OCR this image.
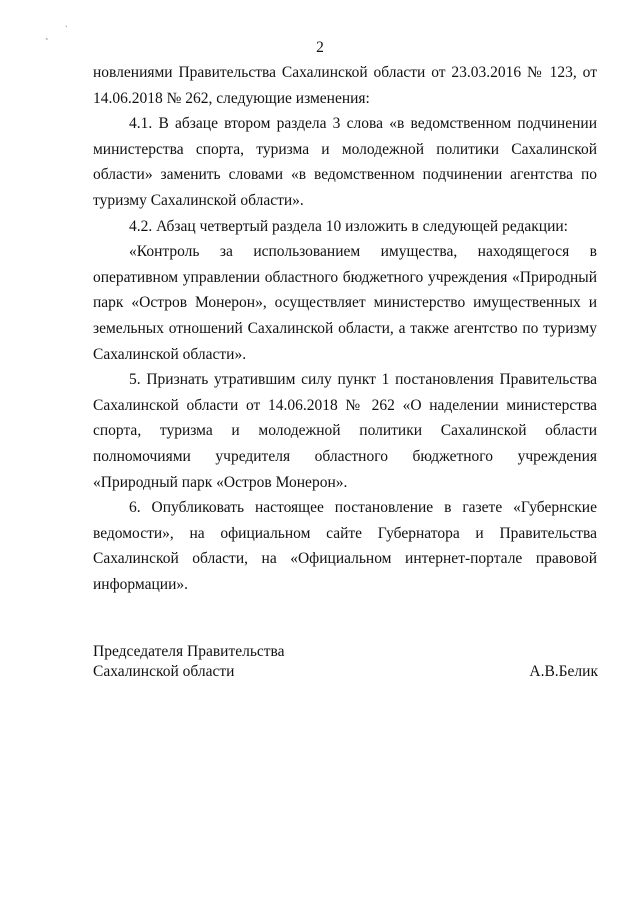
ˎ
ˎ
2

новлениями Правительства Сахалинской области от 23.03.2016 № 123, от 14.06.2018 № 262, следующие изменения:

4.1. В абзаце втором раздела 3 слова «в ведомственном подчинении министерства спорта, туризма и молодежной политики Сахалинской области» заменить словами «в ведомственном подчинении агентства по туризму Сахалинской области».

4.2. Абзац четвертый раздела 10 изложить в следующей редакции:

«Контроль за использованием имущества, находящегося в оперативном управлении областного бюджетного учреждения «Природный парк «Остров Монерон», осуществляет министерство имущественных и земельных отношений Сахалинской области, а также агентство по туризму Сахалинской области».

5. Признать утратившим силу пункт 1 постановления Правительства Сахалинской области от 14.06.2018 № 262 «О наделении министерства спорта, туризма и молодежной политики Сахалинской области полномочиями учредителя областного бюджетного учреждения «Природный парк «Остров Монерон».

6. Опубликовать настоящее постановление в газете «Губернские ведомости», на официальном сайте Губернатора и Правительства Сахалинской области, на «Официальном интернет-портале правовой информации».

Председателя Правительства
Сахалинской области	А.В.Белик
